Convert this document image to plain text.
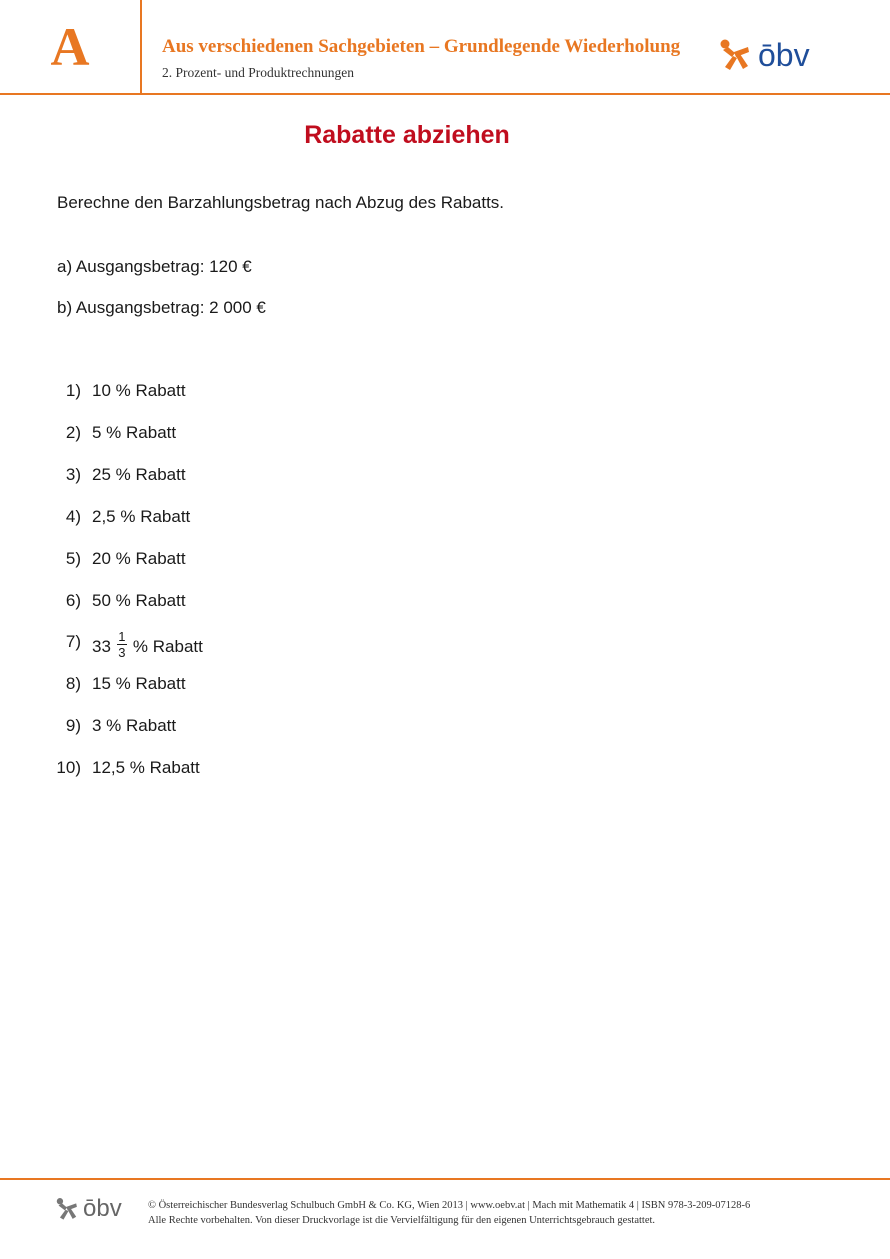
A	Aus verschiedenen Sachgebieten – Grundlegende Wiederholung
2. Prozent- und Produktrechnungen	ōbv
Rabatte abziehen
Berechne den Barzahlungsbetrag nach Abzug des Rabatts.
a) Ausgangsbetrag: 120 €
b) Ausgangsbetrag: 2 000 €
1) 10 % Rabatt
2) 5 % Rabatt
3) 25 % Rabatt
4) 2,5 % Rabatt
5) 20 % Rabatt
6) 50 % Rabatt
7) $33 \frac{1}{3}$ % Rabatt
8) 15 % Rabatt
9) 3 % Rabatt
10) 12,5 % Rabatt
ōbv	© Österreichischer Bundesverlag Schulbuch GmbH & Co. KG, Wien 2013 | www.oebv.at | Mach mit Mathematik 4 | ISBN 978-3-209-07128-6
Alle Rechte vorbehalten. Von dieser Druckvorlage ist die Vervielfältigung für den eigenen Unterrichtsgebrauch gestattet.
